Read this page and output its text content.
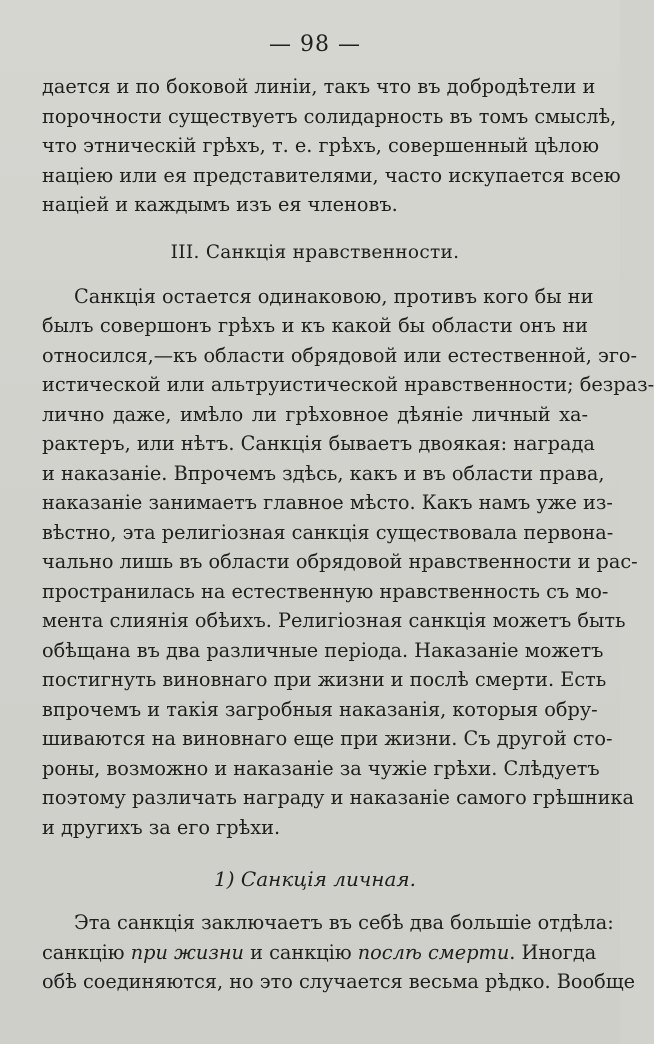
— 98 —
дается и по боковой линіи, такъ что въ добродѣтели и
порочности существуетъ солидарность въ томъ смыслѣ,
что этническій грѣхъ, т. е. грѣхъ, совершенный цѣлою
націею или ея представителями, часто искупается всею
націей и каждымъ изъ ея членовъ.
III. Санкція нравственности.
Санкція остается одинаковою, противъ кого бы ни
былъ совершонъ грѣхъ и къ какой бы области онъ ни
относился,—къ области обрядовой или естественной, эго-
истической или альтруистической нравственности; безраз-
лично даже, имѣло ли грѣховное дѣяніе личный ха-
рактеръ, или нѣтъ. Санкція бываетъ двоякая: награда
и наказаніе. Впрочемъ здѣсь, какъ и въ области права,
наказаніе занимаетъ главное мѣсто. Какъ намъ уже из-
вѣстно, эта религіозная санкція существовала первона-
чально лишь въ области обрядовой нравственности и рас-
пространилась на естественную нравственность съ мо-
мента слиянія обѣихъ. Религіозная санкція можетъ быть
обѣщана въ два различные періода. Наказаніе можетъ
постигнуть виновнаго при жизни и послѣ смерти. Есть
впрочемъ и такія загробныя наказанія, которыя обру-
шиваются на виновнаго еще при жизни. Съ другой сто-
роны, возможно и наказаніе за чужіе грѣхи. Слѣдуетъ
поэтому различать награду и наказаніе самого грѣшника
и другихъ за его грѣхи.
1) Санкція личная.
Эта санкція заключаетъ въ себѣ два большіе отдѣла:
санкцію при жизни и санкцію послѣ смерти. Иногда
обѣ соединяются, но это случается весьма рѣдко. Вообще
